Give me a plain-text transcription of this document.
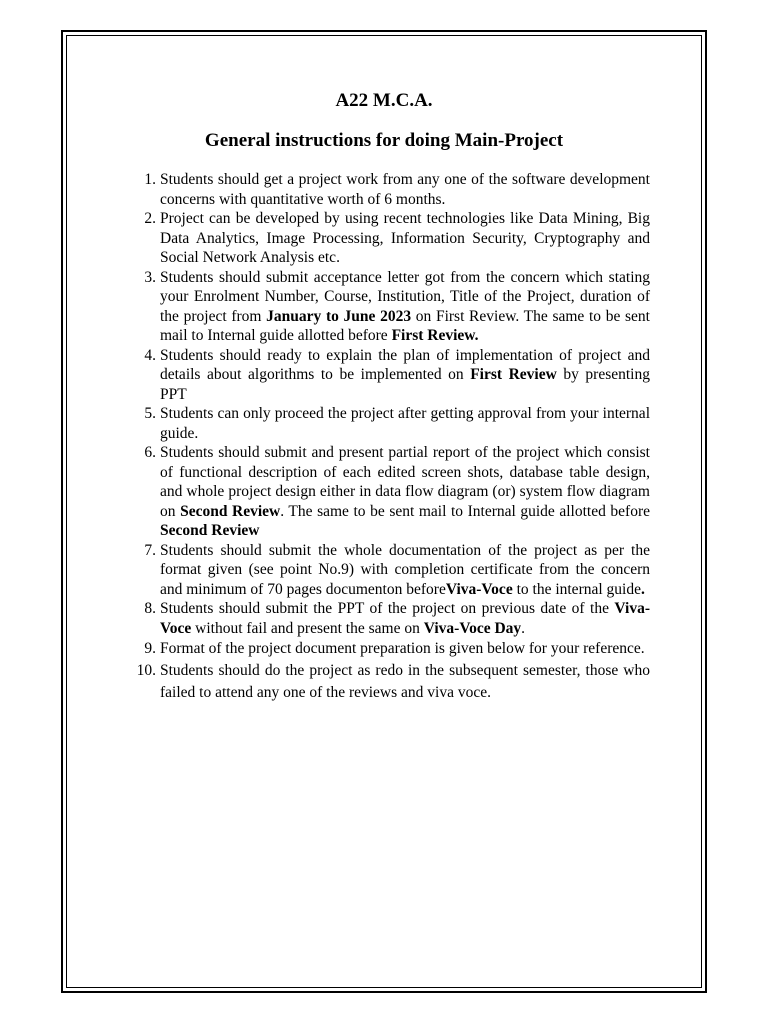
A22 M.C.A.
General instructions for doing Main-Project
1. Students should get a project work from any one of the software development concerns with quantitative worth of 6 months.
2. Project can be developed by using recent technologies like Data Mining, Big Data Analytics, Image Processing, Information Security, Cryptography and Social Network Analysis etc.
3. Students should submit acceptance letter got from the concern which stating your Enrolment Number, Course, Institution, Title of the Project, duration of the project from January to June 2023 on First Review. The same to be sent mail to Internal guide allotted before First Review.
4. Students should ready to explain the plan of implementation of project and details about algorithms to be implemented on First Review by presenting PPT
5. Students can only proceed the project after getting approval from your internal guide.
6. Students should submit and present partial report of the project which consist of functional description of each edited screen shots, database table design, and whole project design either in data flow diagram (or) system flow diagram on Second Review. The same to be sent mail to Internal guide allotted before Second Review
7. Students should submit the whole documentation of the project as per the format given (see point No.9) with completion certificate from the concern and minimum of 70 pages documenton beforeViva-Voce to the internal guide.
8. Students should submit the PPT of the project on previous date of the Viva-Voce without fail and present the same on Viva-Voce Day.
9. Format of the project document preparation is given below for your reference.
10. Students should do the project as redo in the subsequent semester, those who failed to attend any one of the reviews and viva voce.
